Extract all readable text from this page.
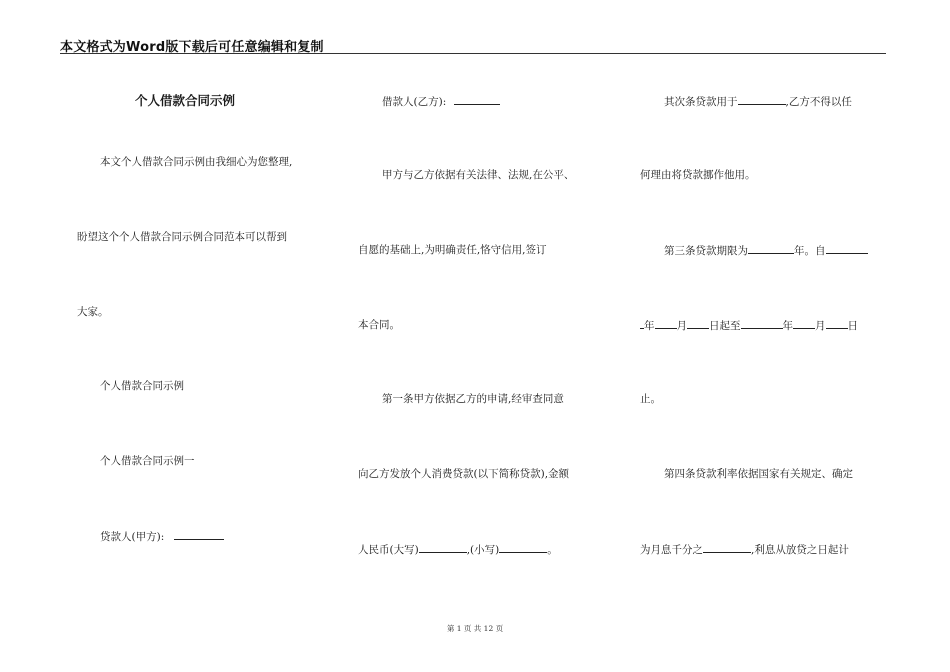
本文格式为Word版下载后可任意编辑和复制
个人借款合同示例
本文个人借款合同示例由我细心为您整理,
盼望这个个人借款合同示例合同范本可以帮到
大家。
个人借款合同示例
个人借款合同示例一
贷款人(甲方):
借款人(乙方):
甲方与乙方依据有关法律、法规,在公平、
自愿的基础上,为明确责任,恪守信用,签订
本合同。
第一条甲方依据乙方的申请,经审查同意
向乙方发放个人消费贷款(以下简称贷款),金额
人民币(大写)	,(小写)	。
其次条贷款用于	,乙方不得以任
何理由将贷款挪作他用。
第三条贷款期限为	年。自
年 月 日起至	年 月 日
止。
第四条贷款利率依据国家有关规定、确定
为月息千分之	,利息从放贷之日起计
第 1 页 共 12 页
